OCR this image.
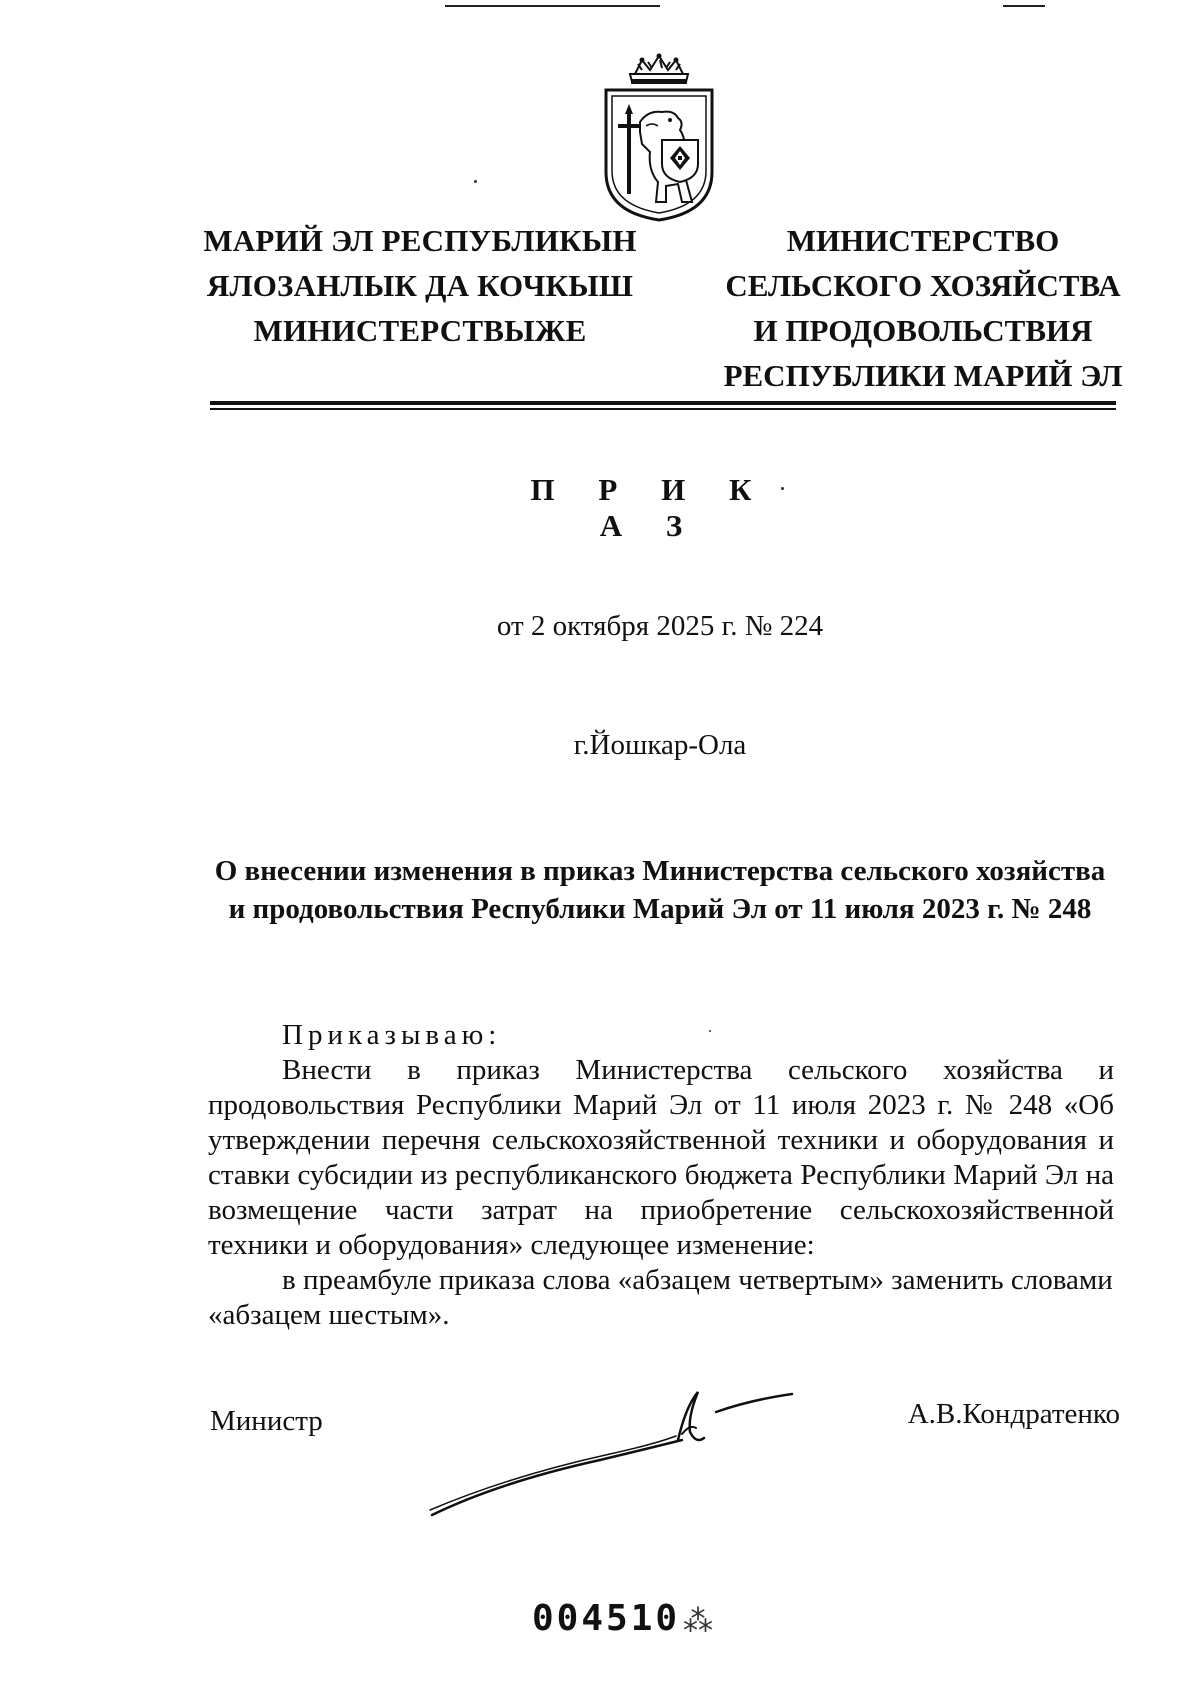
МАРИЙ ЭЛ РЕСПУБЛИКЫН
ЯЛОЗАНЛЫК ДА КОЧКЫШ
МИНИСТЕРСТВЫЖЕ
МИНИСТЕРСТВО
СЕЛЬСКОГО ХОЗЯЙСТВА
И ПРОДОВОЛЬСТВИЯ
РЕСПУБЛИКИ МАРИЙ ЭЛ
П Р И К А З
от 2 октября 2025 г. № 224
г.Йошкар-Ола
О внесении изменения в приказ Министерства сельского хозяйства
и продовольствия Республики Марий Эл от 11 июля 2023 г. № 248

Приказываю:

Внести в приказ Министерства сельского хозяйства и продовольствия Республики Марий Эл от 11 июля 2023 г. № 248 «Об утверждении перечня сельскохозяйственной техники и оборудования и ставки субсидии из республиканского бюджета Республики Марий Эл на возмещение части затрат на приобретение сельскохозяйственной техники и оборудования» следующее изменение:

в преамбуле приказа слова «абзацем четвертым» заменить словами «абзацем шестым».

Министр	А.В.Кондратенко
004510 ⁂
